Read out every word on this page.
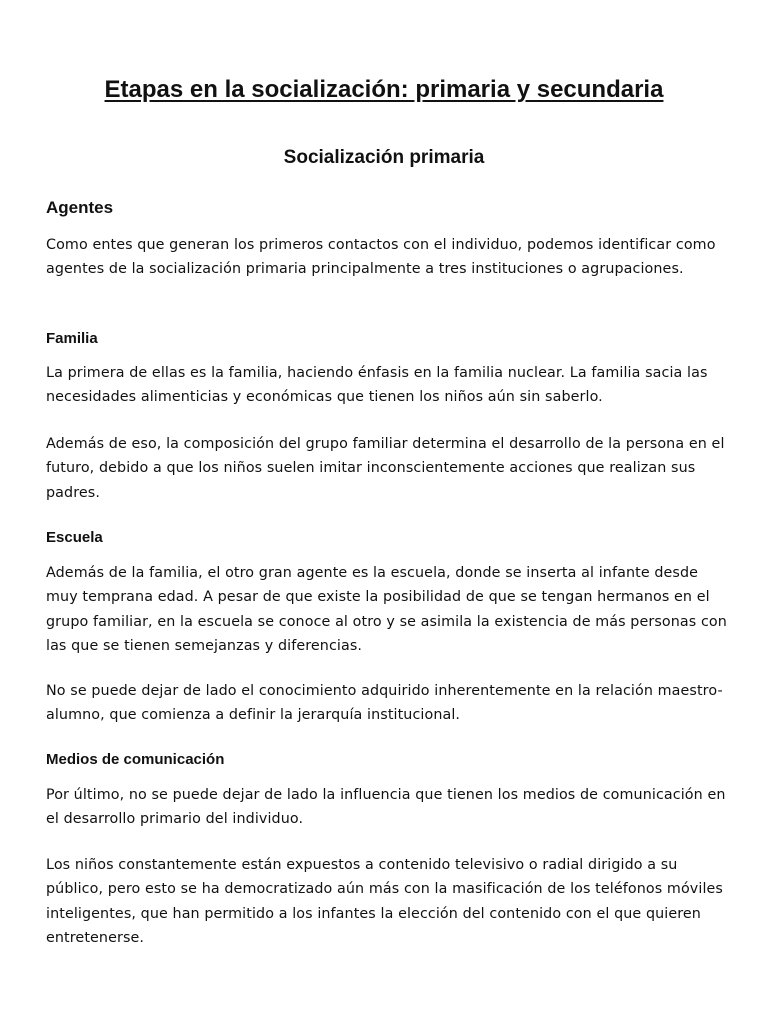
Etapas en la socialización: primaria y secundaria
Socialización primaria
Agentes

Como entes que generan los primeros contactos con el individuo, podemos identificar como agentes de la socialización primaria principalmente a tres instituciones o agrupaciones.

Familia

La primera de ellas es la familia, haciendo énfasis en la familia nuclear. La familia sacia las necesidades alimenticias y económicas que tienen los niños aún sin saberlo.

Además de eso, la composición del grupo familiar determina el desarrollo de la persona en el futuro, debido a que los niños suelen imitar inconscientemente acciones que realizan sus padres.

Escuela

Además de la familia, el otro gran agente es la escuela, donde se inserta al infante desde muy temprana edad. A pesar de que existe la posibilidad de que se tengan hermanos en el grupo familiar, en la escuela se conoce al otro y se asimila la existencia de más personas con las que se tienen semejanzas y diferencias.

No se puede dejar de lado el conocimiento adquirido inherentemente en la relación maestro-alumno, que comienza a definir la jerarquía institucional.

Medios de comunicación

Por último, no se puede dejar de lado la influencia que tienen los medios de comunicación en el desarrollo primario del individuo.

Los niños constantemente están expuestos a contenido televisivo o radial dirigido a su público, pero esto se ha democratizado aún más con la masificación de los teléfonos móviles inteligentes, que han permitido a los infantes la elección del contenido con el que quieren entretenerse.
